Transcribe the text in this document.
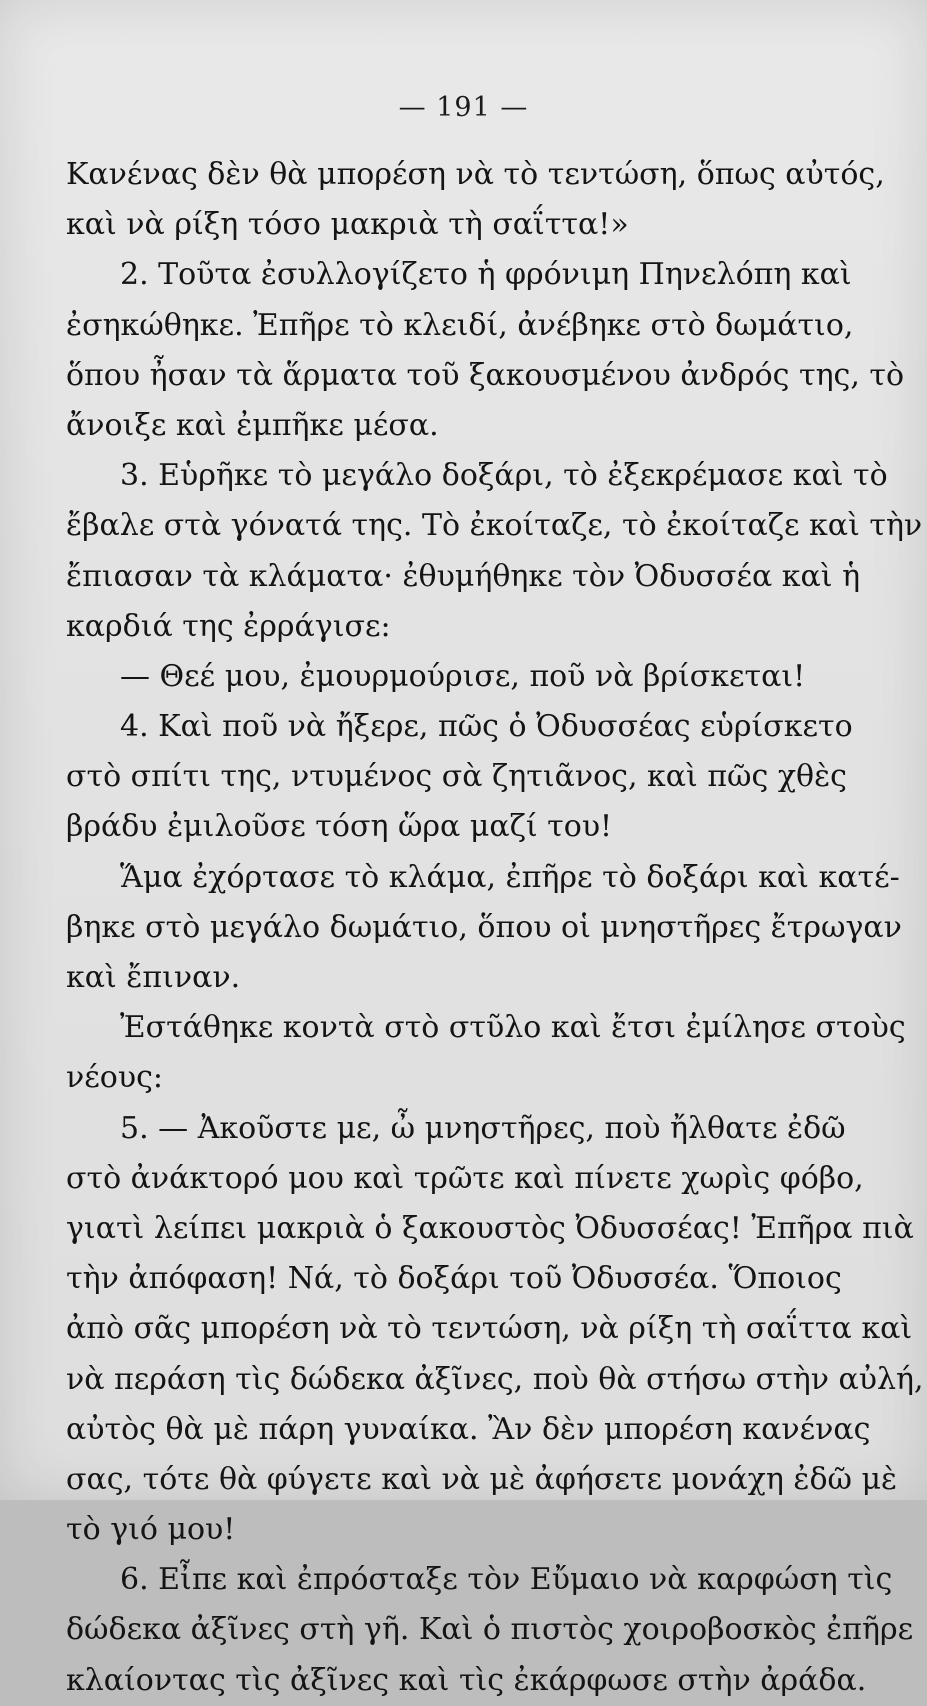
— 191 —
Κανένας δὲν θὰ μπορέση νὰ τὸ τεντώση, ὅπως αὐτός,
καὶ νὰ ρίξη τόσο μακριὰ τὴ σαΐττα!»
2. Τοῦτα ἐσυλλογίζετο ἡ φρόνιμη Πηνελόπη καὶ
ἐσηκώθηκε. Ἐπῆρε τὸ κλειδί, ἀνέβηκε στὸ δωμάτιο,
ὅπου ἦσαν τὰ ἅρματα τοῦ ξακουσμένου ἀνδρός της, τὸ
ἄνοιξε καὶ ἐμπῆκε μέσα.
3. Εὑρῆκε τὸ μεγάλο δοξάρι, τὸ ἐξεκρέμασε καὶ τὸ
ἔβαλε στὰ γόνατά της. Τὸ ἐκοίταζε, τὸ ἐκοίταζε καὶ τὴν
ἔπιασαν τὰ κλάματα· ἐθυμήθηκε τὸν Ὀδυσσέα καὶ ἡ
καρδιά της ἐρράγισε:
— Θεέ μου, ἐμουρμούρισε, ποῦ νὰ βρίσκεται!
4. Καὶ ποῦ νὰ ἤξερε, πῶς ὁ Ὀδυσσέας εὑρίσκετο
στὸ σπίτι της, ντυμένος σὰ ζητιᾶνος, καὶ πῶς χθὲς
βράδυ ἐμιλοῦσε τόση ὥρα μαζί του!
Ἅμα ἐχόρτασε τὸ κλάμα, ἐπῆρε τὸ δοξάρι καὶ κατέ-
βηκε στὸ μεγάλο δωμάτιο, ὅπου οἱ μνηστῆρες ἔτρωγαν
καὶ ἔπιναν.
Ἐστάθηκε κοντὰ στὸ στῦλο καὶ ἔτσι ἐμίλησε στοὺς
νέους:
5. — Ἀκοῦστε με, ὦ μνηστῆρες, ποὺ ἤλθατε ἐδῶ
στὸ ἀνάκτορό μου καὶ τρῶτε καὶ πίνετε χωρὶς φόβο,
γιατὶ λείπει μακριὰ ὁ ξακουστὸς Ὀδυσσέας! Ἐπῆρα πιὰ
τὴν ἀπόφαση! Νά, τὸ δοξάρι τοῦ Ὀδυσσέα. Ὅποιος
ἀπὸ σᾶς μπορέση νὰ τὸ τεντώση, νὰ ρίξη τὴ σαΐττα καὶ
νὰ περάση τὶς δώδεκα ἀξῖνες, ποὺ θὰ στήσω στὴν αὐλή,
αὐτὸς θὰ μὲ πάρη γυναίκα. Ἂν δὲν μπορέση κανένας
σας, τότε θὰ φύγετε καὶ νὰ μὲ ἀφήσετε μονάχη ἐδῶ μὲ
τὸ γιό μου!
6. Εἶπε καὶ ἐπρόσταξε τὸν Εὔμαιο νὰ καρφώση τὶς
δώδεκα ἀξῖνες στὴ γῆ. Καὶ ὁ πιστὸς χοιροβοσκὸς ἐπῆρε
κλαίοντας τὶς ἀξῖνες καὶ τὶς ἐκάρφωσε στὴν ἀράδα.
